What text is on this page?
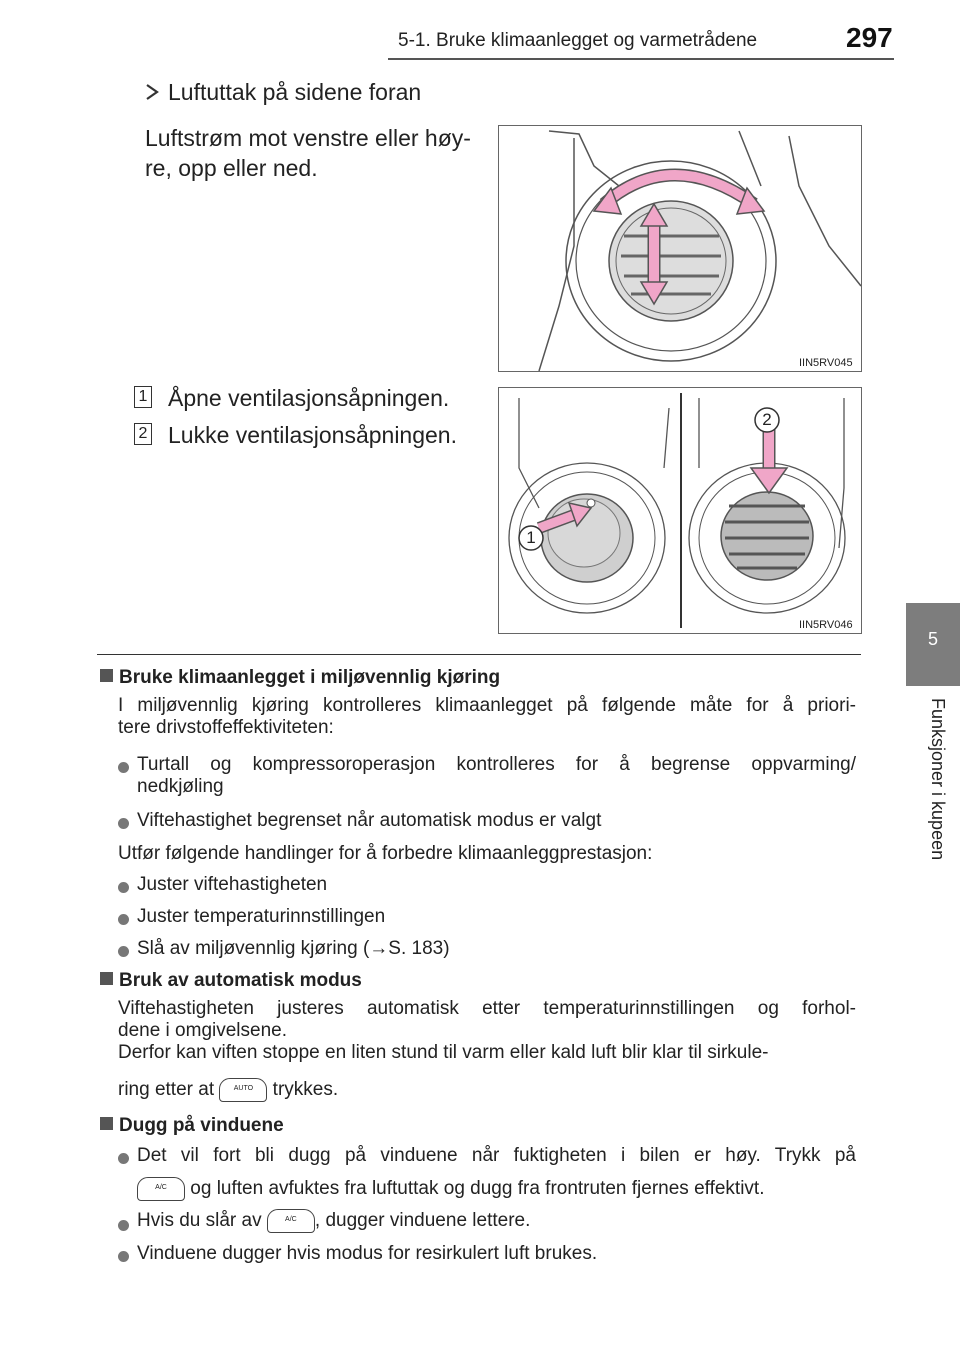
5-1. Bruke klimaanlegget og varmetrådene	297
5
Funksjoner i kupeen
Luftuttak på sidene foran
Luftstrøm mot venstre eller høy-
re, opp eller ned.
IIN5RV045
1 Åpne ventilasjonsåpningen.
2 Lukke ventilasjonsåpningen.
1
2
IIN5RV046
Bruke klimaanlegget i miljøvennlig kjøring
I miljøvennlig kjøring kontrolleres klimaanlegget på følgende måte for å priori-
tere drivstoffeffektiviteten:
Turtall og kompressoroperasjon kontrolleres for å begrense oppvarming/
nedkjøling
Viftehastighet begrenset når automatisk modus er valgt
Utfør følgende handlinger for å forbedre klimaanleggprestasjon:
Juster viftehastigheten
Juster temperaturinnstillingen
Slå av miljøvennlig kjøring (→S. 183)
Bruk av automatisk modus
Viftehastigheten justeres automatisk etter temperaturinnstillingen og forhol-
dene i omgivelsene.
Derfor kan viften stoppe en liten stund til varm eller kald luft blir klar til sirkule-
ring etter at	AUTO trykkes.
Dugg på vinduene
Det vil fort bli dugg på vinduene når fuktigheten i bilen er høy. Trykk på
A/C og luften avfuktes fra luftuttak og dugg fra frontruten fjernes effektivt.
Hvis du slår av	A/C , dugger vinduene lettere.
Vinduene dugger hvis modus for resirkulert luft brukes.
